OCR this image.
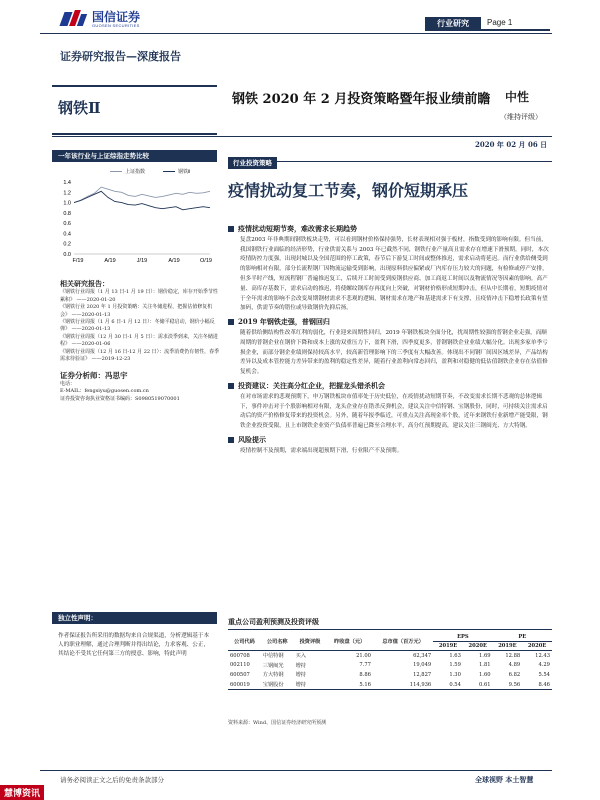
国信证券
GUOSEN SECURITIES	行业研究	Page 1
证券研究报告—深度报告
钢铁Ⅱ	钢铁 2020 年 2 月投资策略暨年报业绩前瞻 中性
（维持评级）
2020 年 02 月 06 日
一年该行业与上证综指走势比较
上证指数	钢铁Ⅱ
0.0
0.2
0.4
0.6
0.8
1.0
1.2
1.4
F/19	A/19	J/19	A/19	O/19
相关研究报告：
《钢铁行业周报（1 月 13 日-1 月 19 日）：钢价稳定，库存开始季节性累积》 ——2020-01-20
《钢铁行业 2020 年 1 月投资策略：关注冬储进程，把握估值修复机会》 ——2020-01-13
《钢铁行业周报（1 月 6 日-1 月 12 日）：冬储平稳启动，钢价小幅反弹》 ——2020-01-13
《钢铁行业周报（12 月 30 日-1 月 5 日）：需求淡季到来，关注冬储进程》 ——2020-01-06
《钢铁行业周报（12 月 16 日-12 月 22 日）：流季消费仍有韧性，春季需求待验证》 ——2019-12-23
证券分析师：冯思宇
电话：
E-MAIL：fengsiyu@guosen.com.cn
证券投资咨询执业资格证书编码：S0980519070001
独立性声明：
作者保证报告所采用的数据均来自合规渠道，分析逻辑基于本人的职业理解，通过合理判断并得出结论，力求客观、公正，其结论不受其它任何第三方的授意、影响，特此声明
行业投资策略
疫情扰动复工节奏，钢价短期承压
疫情扰动短期节奏，难改需求长期趋势

复盘2003 年非典期间钢铁板块走势，可以看到钢材价格保持强势，长材表现相对强于板材，指数受到的影响有限。但当前，我国钢铁行业面临的经济形势，行业供需关系与 2003 年已截然不同，钢铁行业产量高且需求存在增速下滑预期。同时，本次疫情防控力度强，出现封城以及全国范围的停工政策，春节后下游复工时间或整体推迟，需求启动将延迟。而行业供给侧受到的影响相对有限，部分长流程钢厂因物流运输受到影响，出现原料供应偏紧或厂内库存压力较大的问题，有检修或停产安排，但多半时产线，短流程钢厂普遍推迟复工，后续开工时间受到废钢供应商、加工商返工时间以及物流情况等因素的影响。高产量、高库存基数下，需求启动的推迟，将使螺纹钢库存再度向上突破，对钢材价格形成短期冲击，但从中长期看，短期疫情对于全年需求的影响不会改变周期钢材需求不悲观的逻辑，钢材需求在地产和基建需求下有支撑，且疫情冲击下稳增长政策有望加码，供需节奏的错位或导致钢价先抑后扬。

2019 年钢铁走强，普钢回归

随着供给侧结构性改革红利的弱化，行业迎来周期性回归，2019 年钢铁板块全面分化，扰周期性较强的普钢企业走强，而顺周期的普钢企业在钢价下降和成本上涨的双重压力下，盈利下滑，四季度更多，普钢钢铁企业业绩大幅分化。出现多家单季亏损企业，而部分钢企业绩则保持较高水平，较高新管理影响下的三季度有大幅改善。体现出不同钢厂间因区域差异，产品结构差异以及成本管控能力差异带来的盈利的稳定性差异，随着行业盈利向常态回归，盈利和对稳健的低估值钢铁企业存在估值修复机会。

投资建议：关注高分红企业，把握龙头错杀机会

在对市场需求的悲观预期下，申万钢铁板块市值率处于历史低位，在疫情扰动短期节奏，不改变需求长期不悲观的总体逻辑下，事件冲击对于个股影响相对有限，龙头企业存在错杀反弹机会，建议关注中信特钢、宝钢股份，同时，可持续关注需求启动后的资产价格修复带来的投资机会。另外，随着年报季临近，可重点关注高现金率个股，近年来钢铁行业新增产能受限，钢铁企业投资受限，且上市钢铁企业资产负债率普遍已降至合理水平，高分红预期提高，建议关注三钢闽光、方大特钢。

风险提示

疫情控制不及预期，需求端出现超预期下滑，行业限产不及预期。

重点公司盈利预测及投资评级
公司代码	公司名称	投资评级	昨收盘（元）	总市值（百万元）	EPS		PE	
					2019E	2020E	2019E	2020E
600708	中信特钢	买入	21.00	62,347	1.63	1.69	12.88	12.43
002110	三钢闽光	增持	7.77	19,049	1.59	1.81	4.89	4.29
600507	方大特钢	增持	8.86	12,827	1.30	1.60	6.82	5.54
600019	宝钢股份	增持	5.16	114,936	0.54	0.61	9.56	8.46
资料来源：Wind、国信证券经济研究所预测
请务必阅读正文之后的免责条款部分	全球视野 本土智慧
慧博资讯
